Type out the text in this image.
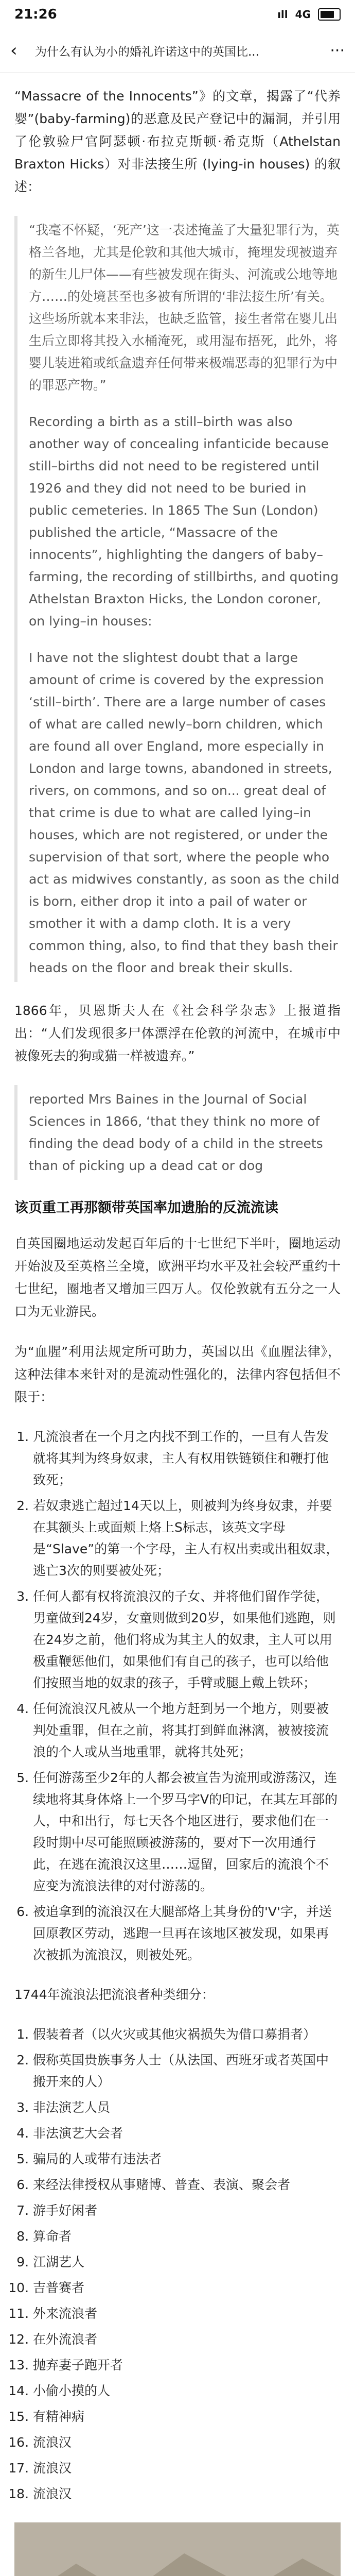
21:26	ıll 4G
‹	为什么有认为小的婚礼许诺这中的英国比...	···

“Massacre of the Innocents”》的文章，揭露了“代养婴”(baby-farming)的恶意及民产登记中的漏洞，并引用了伦敦验尸官阿瑟顿·布拉克斯顿·希克斯（Athelstan Braxton Hicks）对非法接生所 (lying-in houses) 的叙述：

“我毫不怀疑，‘死产’这一表述掩盖了大量犯罪行为，英格兰各地，尤其是伦敦和其他大城市，掩埋发现被遗弃的新生儿尸体——有些被发现在街头、河流或公地等地方……的处境甚至也多被有所谓的‘非法接生所’有关。这些场所就本来非法，也缺乏监管，接生者常在婴儿出生后立即将其投入水桶淹死，或用湿布捂死，此外，将婴儿装进箱或纸盒遗弃任何带来极端恶毒的犯罪行为中的罪恶产物。”

Recording a birth as a still–birth was also another way of concealing infanticide because still–births did not need to be registered until 1926 and they did not need to be buried in public cemeteries. In 1865 The Sun (London) published the article, “Massacre of the innocents”, highlighting the dangers of baby–farming, the recording of stillbirths, and quoting Athelstan Braxton Hicks, the London coroner, on lying–in houses:

I have not the slightest doubt that a large amount of crime is covered by the expression ‘still–birth’. There are a large number of cases of what are called newly–born children, which are found all over England, more especially in London and large towns, abandoned in streets, rivers, on commons, and so on... great deal of that crime is due to what are called lying–in houses, which are not registered, or under the supervision of that sort, where the people who act as midwives constantly, as soon as the child is born, either drop it into a pail of water or smother it with a damp cloth. It is a very common thing, also, to find that they bash their heads on the floor and break their skulls.

1866年，贝恩斯夫人在《社会科学杂志》上报道指出：“人们发现很多尸体漂浮在伦敦的河流中，在城市中被像死去的狗或猫一样被遗弃。”

reported Mrs Baines in the Journal of Social Sciences in 1866, ‘that they think no more of finding the dead body of a child in the streets than of picking up a dead cat or dog

该页重工再那额带英国率加遗胎的反流流读

自英国圈地运动发起百年后的十七世纪下半叶，圈地运动开始波及至英格兰全境，欧洲平均水平及社会较严重约十七世纪，圈地者又增加三四万人。仅伦敦就有五分之一人口为无业游民。

为“血腥”利用法规定所可助力，英国以出《血腥法律》，这种法律本来针对的是流动性强化的，法律内容包括但不限于：

1. 凡流浪者在一个月之内找不到工作的，一旦有人告发就将其判为终身奴隶，主人有权用铁链锁住和鞭打他致死；
2. 若奴隶逃亡超过14天以上，则被判为终身奴隶，并要在其额头上或面颊上烙上S标志，该英文字母是“Slave”的第一个字母，主人有权出卖或出租奴隶，逃亡3次的则要被处死；
3. 任何人都有权将流浪汉的子女、并将他们留作学徒，男童做到24岁，女童则做到20岁，如果他们逃跑，则在24岁之前，他们将成为其主人的奴隶，主人可以用极重鞭惩他们，如果他们有自己的孩子，也可以给他们按照当地的奴隶的孩子，手臂或腿上戴上铁环；
4. 任何流浪汉凡被从一个地方赶到另一个地方，则要被判处重罪，但在之前，将其打到鲜血淋漓，被被接流浪的个人或从当地重罪，就将其处死；
5. 任何游荡至少2年的人都会被宣告为流刑或游荡汉，连续地将其身体烙上一个罗马字V的印记，在其左耳部的人，中和出行，每七天各个地区进行，要求他们在一段时期中尽可能照顾被游荡的，要对下一次用通行此，在逃在流浪汉这里……逗留，回家后的流浪个不应变为流浪法律的对付游荡的。
6. 被追拿到的流浪汉在大腿部烙上其身份的'V'字，并送回原教区劳动，逃跑一旦再在该地区被发现，如果再次被抓为流浪汉，则被处死。

1744年流浪法把流浪者种类细分：

1. 假装着者（以火灾或其他灾祸损失为借口募捐者）
2. 假称英国贵族事务人士（从法国、西班牙或者英国中搬开来的人）
3. 非法演艺人员
4. 非法演艺大会者
5. 骗局的人或带有违法者
6. 来经法律授权从事赌博、普查、表演、聚会者
7. 游手好闲者
8. 算命者
9. 江湖艺人
10. 吉普赛者
11. 外来流浪者
12. 在外流浪者
13. 抛弃妻子跑开者
14. 小偷小摸的人
15. 有精神病
16. 流浪汉
17. 流浪汉
18. 流浪汉
